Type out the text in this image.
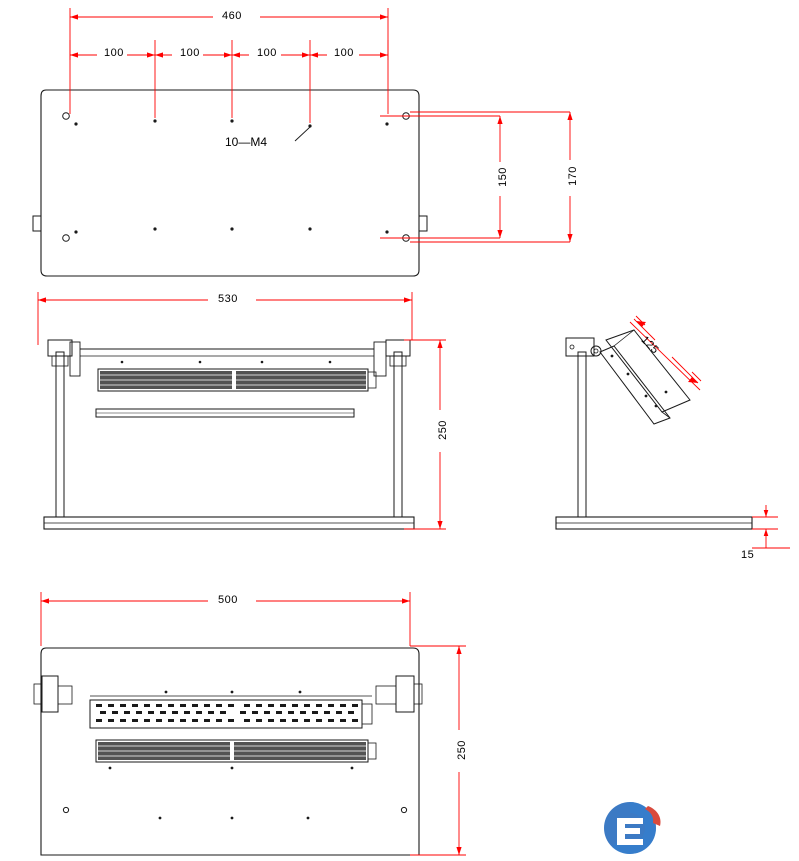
460
100	100	100	100
150	170
10—M4
530
250
125
15
500
250
